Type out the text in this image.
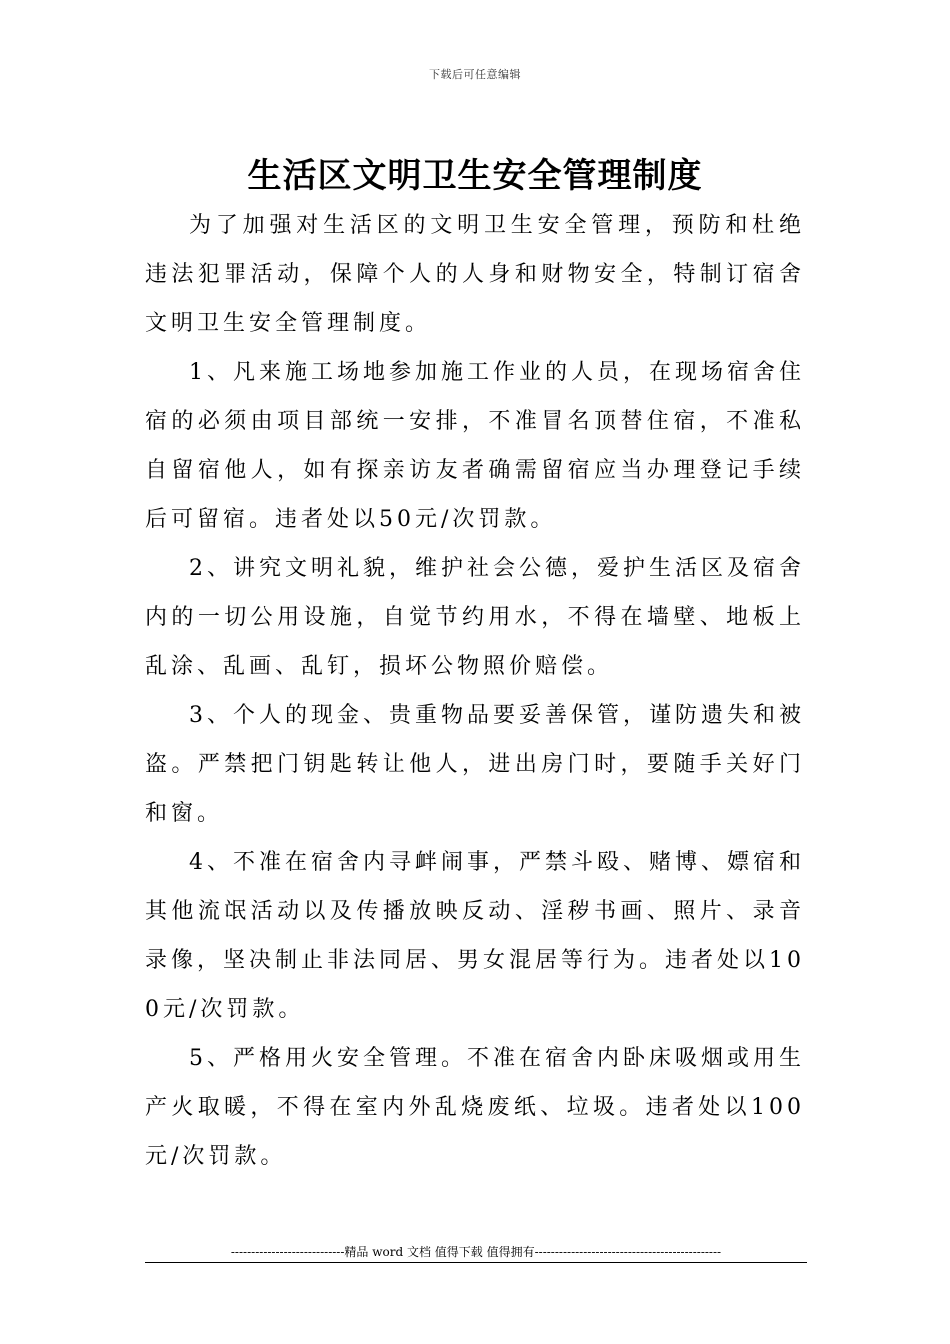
下载后可任意编辑
生活区文明卫生安全管理制度

为了加强对生活区的文明卫生安全管理，预防和杜绝违法犯罪活动，保障个人的人身和财物安全，特制订宿舍文明卫生安全管理制度。

1、凡来施工场地参加施工作业的人员，在现场宿舍住宿的必须由项目部统一安排，不准冒名顶替住宿，不准私自留宿他人，如有探亲访友者确需留宿应当办理登记手续后可留宿。违者处以50元/次罚款。

2、讲究文明礼貌，维护社会公德，爱护生活区及宿舍内的一切公用设施，自觉节约用水，不得在墙壁、地板上乱涂、乱画、乱钉，损坏公物照价赔偿。

3、个人的现金、贵重物品要妥善保管，谨防遗失和被盗。严禁把门钥匙转让他人，进出房门时，要随手关好门和窗。

4、不准在宿舍内寻衅闹事，严禁斗殴、赌博、嫖宿和其他流氓活动以及传播放映反动、淫秽书画、照片、录音录像，坚决制止非法同居、男女混居等行为。违者处以100元/次罚款。

5、严格用火安全管理。不准在宿舍内卧床吸烟或用生产火取暖，不得在室内外乱烧废纸、垃圾。违者处以100元/次罚款。

----------------------------精品 word 文档 值得下载 值得拥有----------------------------------------------
